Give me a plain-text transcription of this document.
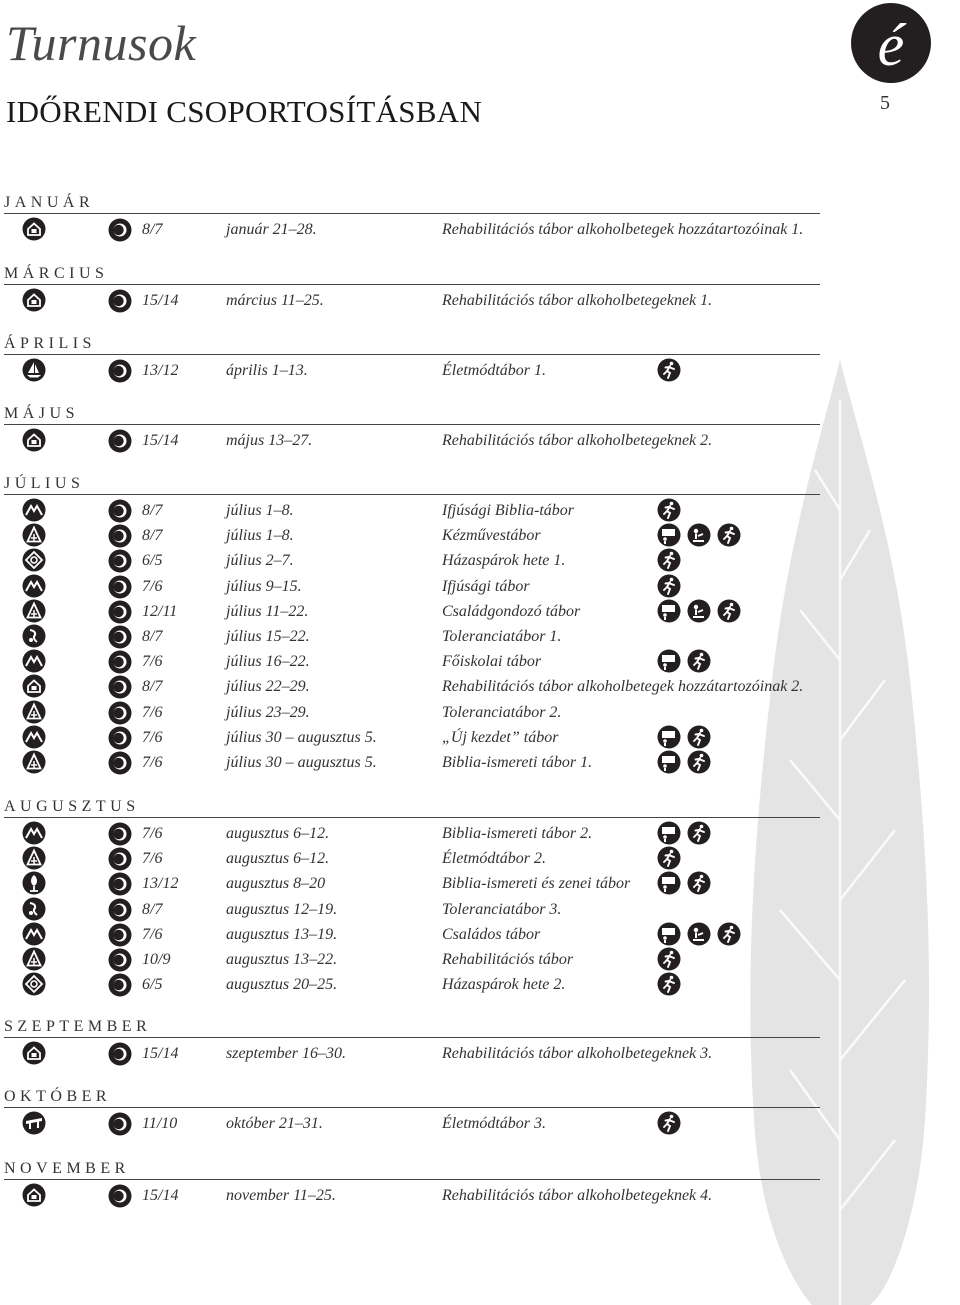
Turnusok
IDŐRENDI CSOPORTOSÍTÁSBAN
é
5
JANUÁR
8/7	január 21–28.	Rehabilitációs tábor alkoholbetegek hozzátartozóinak 1.
MÁRCIUS
15/14	március 11–25.	Rehabilitációs tábor alkoholbetegeknek 1.
ÁPRILIS
13/12	április 1–13.	Életmódtábor 1.
MÁJUS
15/14	május 13–27.	Rehabilitációs tábor alkoholbetegeknek 2.
JÚLIUS
8/7	július 1–8.	Ifjúsági Biblia-tábor
8/7	július 1–8.	Kézművestábor
6/5	július 2–7.	Házaspárok hete 1.
7/6	július 9–15.	Ifjúsági tábor
12/11	július 11–22.	Családgondozó tábor
8/7	július 15–22.	Toleranciatábor 1.
7/6	július 16–22.	Főiskolai tábor
8/7	július 22–29.	Rehabilitációs tábor alkoholbetegek hozzátartozóinak 2.
7/6	július 23–29.	Toleranciatábor 2.
7/6	július 30 – augusztus 5.	„Új kezdet” tábor
7/6	július 30 – augusztus 5.	Biblia-ismereti tábor 1.
AUGUSZTUS
7/6	augusztus 6–12.	Biblia-ismereti tábor 2.
7/6	augusztus 6–12.	Életmódtábor 2.
13/12	augusztus 8–20	Biblia-ismereti és zenei tábor
8/7	augusztus 12–19.	Toleranciatábor 3.
7/6	augusztus 13–19.	Családos tábor
10/9	augusztus 13–22.	Rehabilitációs tábor
6/5	augusztus 20–25.	Házaspárok hete 2.
SZEPTEMBER
15/14	szeptember 16–30.	Rehabilitációs tábor alkoholbetegeknek 3.
OKTÓBER
11/10	október 21–31.	Életmódtábor 3.
NOVEMBER
15/14	november 11–25.	Rehabilitációs tábor alkoholbetegeknek 4.
